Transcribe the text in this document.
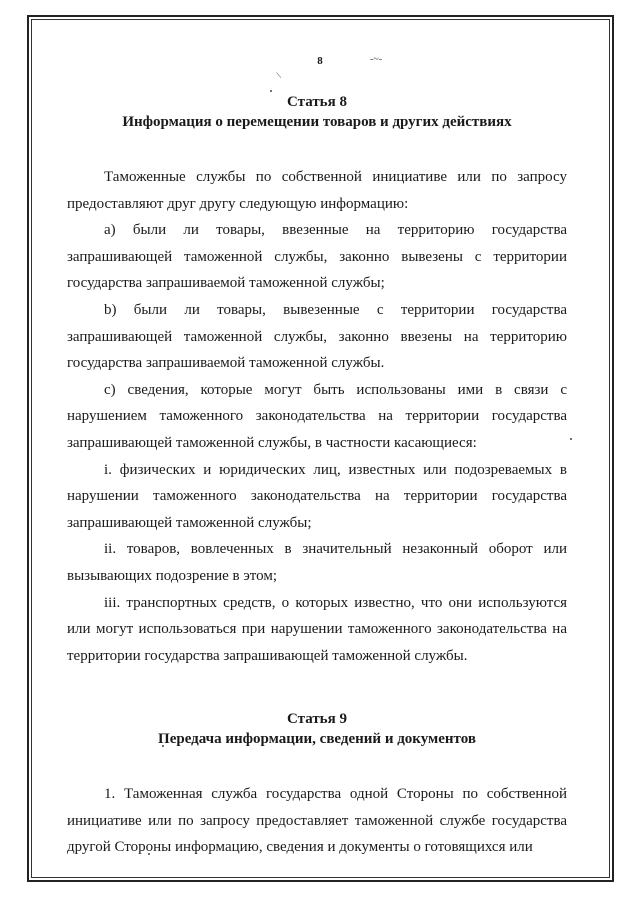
8	-~-
/
Статья 8
Информация о перемещении товаров и других действиях

Таможенные службы по собственной инициативе или по запросу предоставляют друг другу следующую информацию:

a) были ли товары, ввезенные на территорию государства запрашивающей таможенной службы, законно вывезены с территории государства запрашиваемой таможенной службы;

b) были ли товары, вывезенные с территории государства запрашивающей таможенной службы, законно ввезены на территорию государства запрашиваемой таможенной службы.

c) сведения, которые могут быть использованы ими в связи с нарушением таможенного законодательства на территории государства запрашивающей таможенной службы, в частности касающиеся:

i. физических и юридических лиц, известных или подозреваемых в нарушении таможенного законодательства на территории государства запрашивающей таможенной службы;

ii. товаров, вовлеченных в значительный незаконный оборот или вызывающих подозрение в этом;

iii. транспортных средств, о которых известно, что они используются или могут использоваться при нарушении таможенного законодательства на территории государства запрашивающей таможенной службы.

Статья 9
Передача информации, сведений и документов

1. Таможенная служба государства одной Стороны по собственной инициативе или по запросу предоставляет таможенной службе государства другой Стороны информацию, сведения и документы о готовящихся или
